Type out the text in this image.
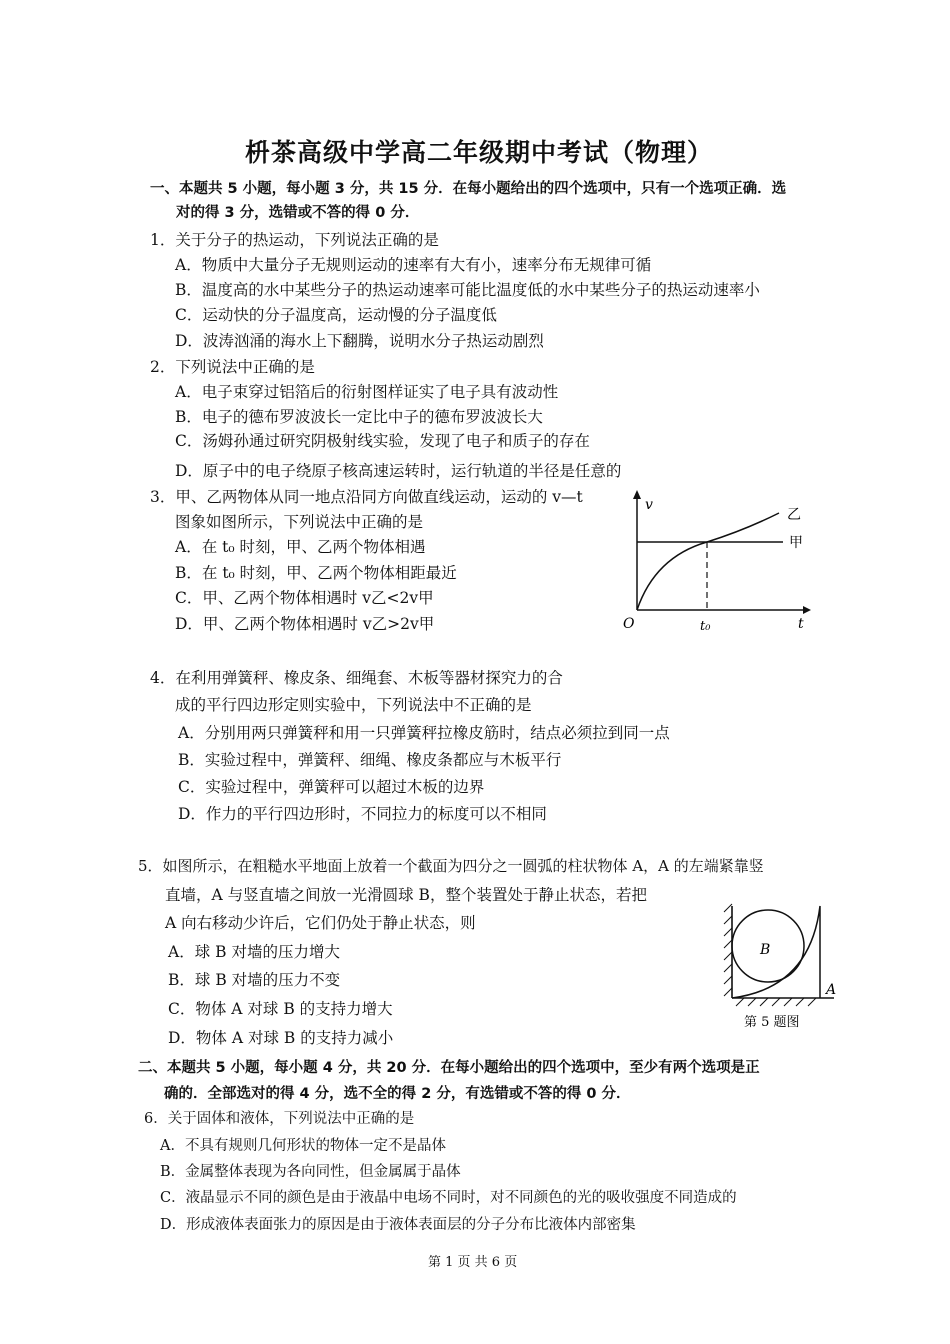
枡茶高级中学高二年级期中考试（物理）
一、本题共 5 小题，每小题 3 分，共 15 分．在每小题给出的四个选项中，只有一个选项正确．选
对的得 3 分，选错或不答的得 0 分．
1．关于分子的热运动，下列说法正确的是
A．物质中大量分子无规则运动的速率有大有小，速率分布无规律可循
B．温度高的水中某些分子的热运动速率可能比温度低的水中某些分子的热运动速率小
C．运动快的分子温度高，运动慢的分子温度低
D．波涛汹涌的海水上下翻腾，说明水分子热运动剧烈
2．下列说法中正确的是
A．电子束穿过铝箔后的衍射图样证实了电子具有波动性
B．电子的德布罗波波长一定比中子的德布罗波波长大
C．汤姆孙通过研究阴极射线实验，发现了电子和质子的存在
D．原子中的电子绕原子核高速运转时，运行轨道的半径是任意的
3．甲、乙两物体从同一地点沿同方向做直线运动，运动的 v—t
图象如图所示，下列说法中正确的是
A．在 t₀ 时刻，甲、乙两个物体相遇
B．在 t₀ 时刻，甲、乙两个物体相距最近
C．甲、乙两个物体相遇时 v乙<2v甲
D．甲、乙两个物体相遇时 v乙>2v甲
v
t
O	t₀
乙
甲
4．在利用弹簧秤、橡皮条、细绳套、木板等器材探究力的合
成的平行四边形定则实验中，下列说法中不正确的是
A．分别用两只弹簧秤和用一只弹簧秤拉橡皮筋时，结点必须拉到同一点
B．实验过程中，弹簧秤、细绳、橡皮条都应与木板平行
C．实验过程中，弹簧秤可以超过木板的边界
D．作力的平行四边形时，不同拉力的标度可以不相同
5．如图所示，在粗糙水平地面上放着一个截面为四分之一圆弧的柱状物体 A，A 的左端紧靠竖
直墙，A 与竖直墙之间放一光滑圆球 B，整个装置处于静止状态，若把
A 向右移动少许后，它们仍处于静止状态，则
A．球 B 对墙的压力增大
B．球 B 对墙的压力不变
C．物体 A 对球 B 的支持力增大
D．物体 A 对球 B 的支持力减小
B
A
第 5 题图
二、本题共 5 小题，每小题 4 分，共 20 分．在每小题给出的四个选项中，至少有两个选项是正
确的．全部选对的得 4 分，选不全的得 2 分，有选错或不答的得 0 分．
6．关于固体和液体，下列说法中正确的是
A．不具有规则几何形状的物体一定不是晶体
B．金属整体表现为各向同性，但金属属于晶体
C．液晶显示不同的颜色是由于液晶中电场不同时，对不同颜色的光的吸收强度不同造成的
D．形成液体表面张力的原因是由于液体表面层的分子分布比液体内部密集
第 1 页 共 6 页
